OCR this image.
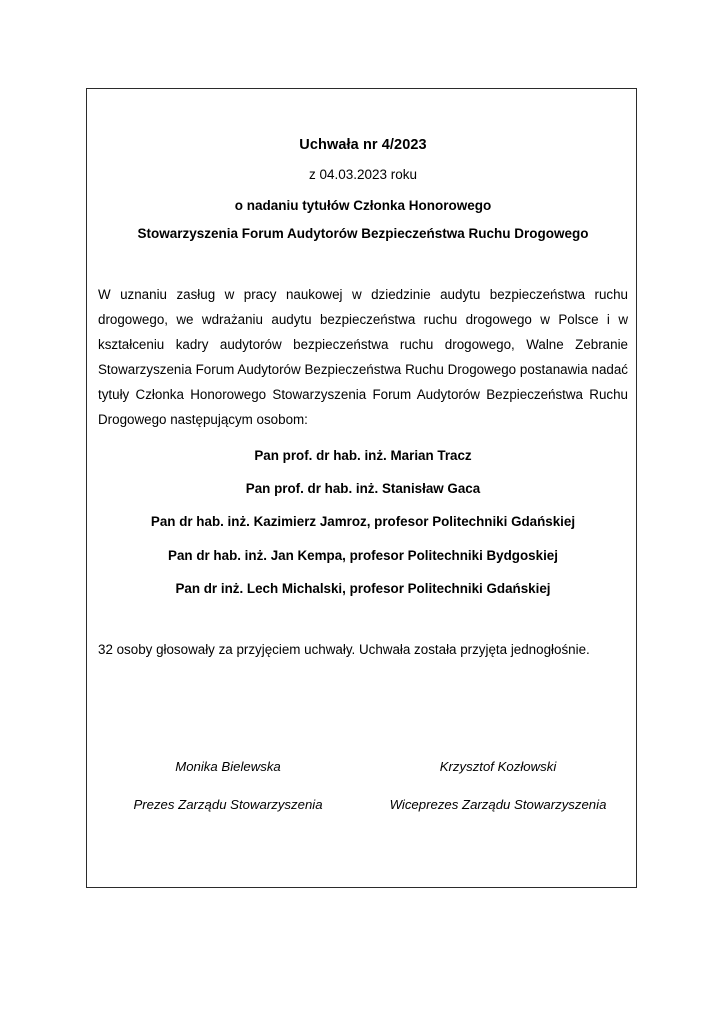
Uchwała nr 4/2023
z 04.03.2023 roku
o nadaniu tytułów Członka Honorowego
Stowarzyszenia Forum Audytorów Bezpieczeństwa Ruchu Drogowego

W uznaniu zasług w pracy naukowej w dziedzinie audytu bezpieczeństwa ruchu drogowego, we wdrażaniu audytu bezpieczeństwa ruchu drogowego w Polsce i w kształceniu kadry audytorów bezpieczeństwa ruchu drogowego, Walne Zebranie Stowarzyszenia Forum Audytorów Bezpieczeństwa Ruchu Drogowego postanawia nadać tytuły Członka Honorowego Stowarzyszenia Forum Audytorów Bezpieczeństwa Ruchu Drogowego następującym osobom:

Pan prof. dr hab. inż. Marian Tracz
Pan prof. dr hab. inż. Stanisław Gaca
Pan dr hab. inż. Kazimierz Jamroz, profesor Politechniki Gdańskiej
Pan dr hab. inż. Jan Kempa, profesor Politechniki Bydgoskiej
Pan dr inż. Lech Michalski, profesor Politechniki Gdańskiej

32 osoby głosowały za przyjęciem uchwały. Uchwała została przyjęta jednogłośnie.

Monika Bielewska
Prezes Zarządu Stowarzyszenia
Krzysztof Kozłowski
Wiceprezes Zarządu Stowarzyszenia
